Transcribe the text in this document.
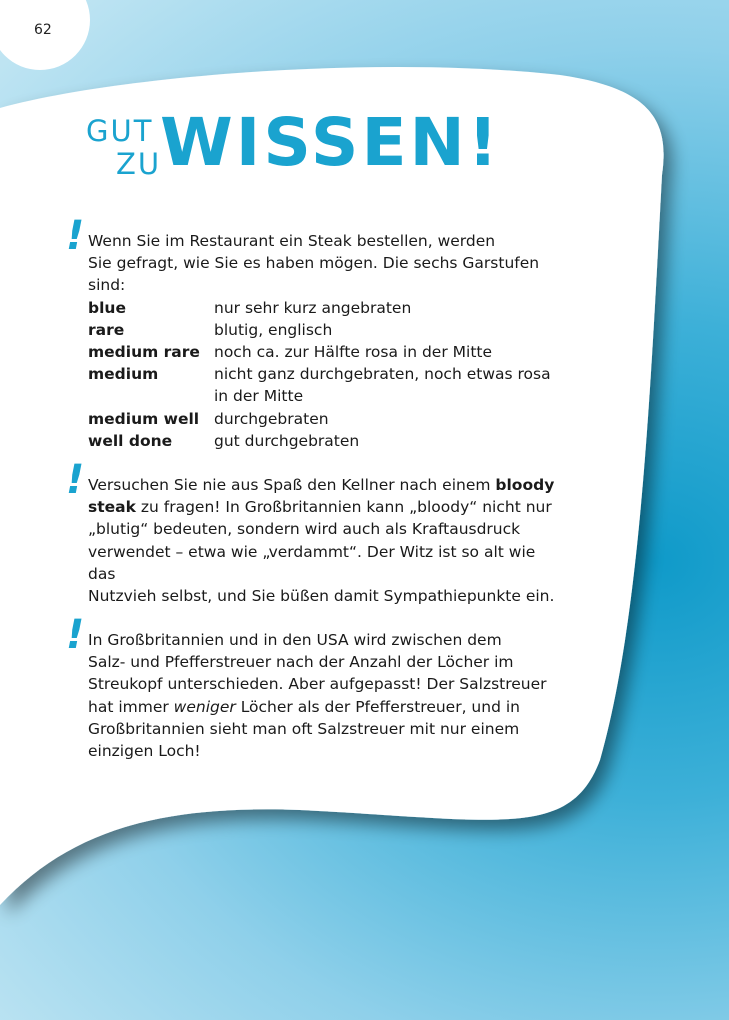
62
GUT
ZU
WISSEN!
! Wenn Sie im Restaurant ein Steak bestellen, werden

Sie gefragt, wie Sie es haben mögen. Die sechs Garstufen sind:

blue	nur sehr kurz angebraten
rare	blutig, englisch
medium rare noch ca. zur Hälfte rosa in der Mitte
medium	nicht ganz durchgebraten, noch etwas rosa
in der Mitte
medium well durchgebraten
well done	gut durchgebraten
! Versuchen Sie nie aus Spaß den Kellner nach einem bloody

steak zu fragen! In Großbritannien kann „bloody“ nicht nur

„blutig“ bedeuten, sondern wird auch als Kraftausdruck

verwendet – etwa wie „verdammt“. Der Witz ist so alt wie das

Nutzvieh selbst, und Sie büßen damit Sympathiepunkte ein.

! In Großbritannien und in den USA wird zwischen dem

Salz- und Pfefferstreuer nach der Anzahl der Löcher im

Streukopf unterschieden. Aber aufgepasst! Der Salzstreuer

hat immer weniger Löcher als der Pfefferstreuer, und in

Großbritannien sieht man oft Salzstreuer mit nur einem

einzigen Loch!
